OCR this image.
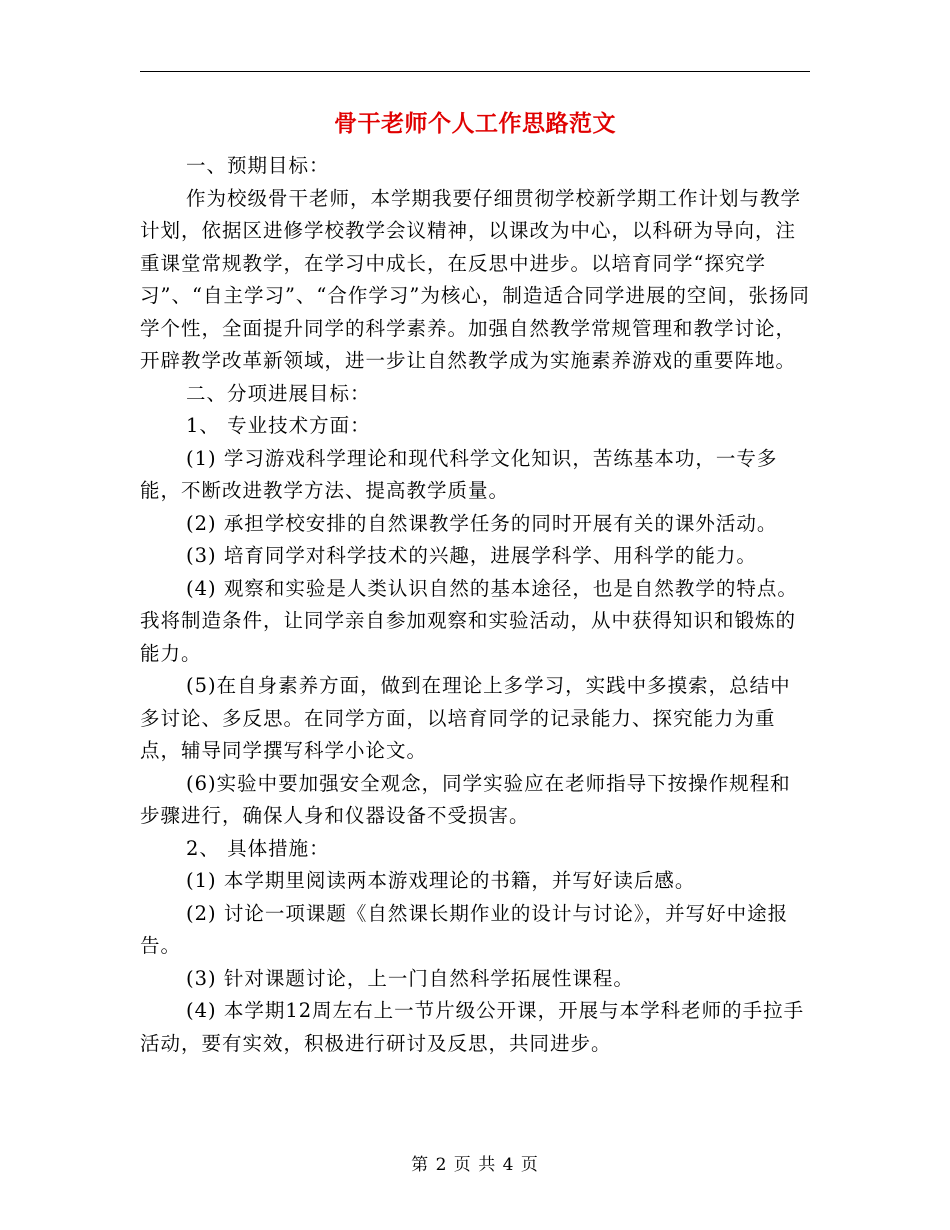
骨干老师个人工作思路范文

一、预期目标：

作为校级骨干老师，本学期我要仔细贯彻学校新学期工作计划与教学计划，依据区进修学校教学会议精神，以课改为中心，以科研为导向，注重课堂常规教学，在学习中成长，在反思中进步。以培育同学“探究学习”、“自主学习”、“合作学习”为核心，制造适合同学进展的空间，张扬同学个性，全面提升同学的科学素养。加强自然教学常规管理和教学讨论，开辟教学改革新领域，进一步让自然教学成为实施素养游戏的重要阵地。

二、分项进展目标：

1、 专业技术方面：

(1) 学习游戏科学理论和现代科学文化知识，苦练基本功，一专多能，不断改进教学方法、提高教学质量。

(2) 承担学校安排的自然课教学任务的同时开展有关的课外活动。

(3) 培育同学对科学技术的兴趣，进展学科学、用科学的能力。

(4) 观察和实验是人类认识自然的基本途径，也是自然教学的特点。我将制造条件，让同学亲自参加观察和实验活动，从中获得知识和锻炼的能力。

(5)在自身素养方面，做到在理论上多学习，实践中多摸索，总结中多讨论、多反思。在同学方面，以培育同学的记录能力、探究能力为重点，辅导同学撰写科学小论文。

(6)实验中要加强安全观念，同学实验应在老师指导下按操作规程和步骤进行，确保人身和仪器设备不受损害。

2、 具体措施：

(1) 本学期里阅读两本游戏理论的书籍，并写好读后感。

(2) 讨论一项课题《自然课长期作业的设计与讨论》，并写好中途报告。

(3) 针对课题讨论，上一门自然科学拓展性课程。

(4) 本学期12周左右上一节片级公开课，开展与本学科老师的手拉手活动，要有实效，积极进行研讨及反思，共同进步。

第 2 页 共 4 页
